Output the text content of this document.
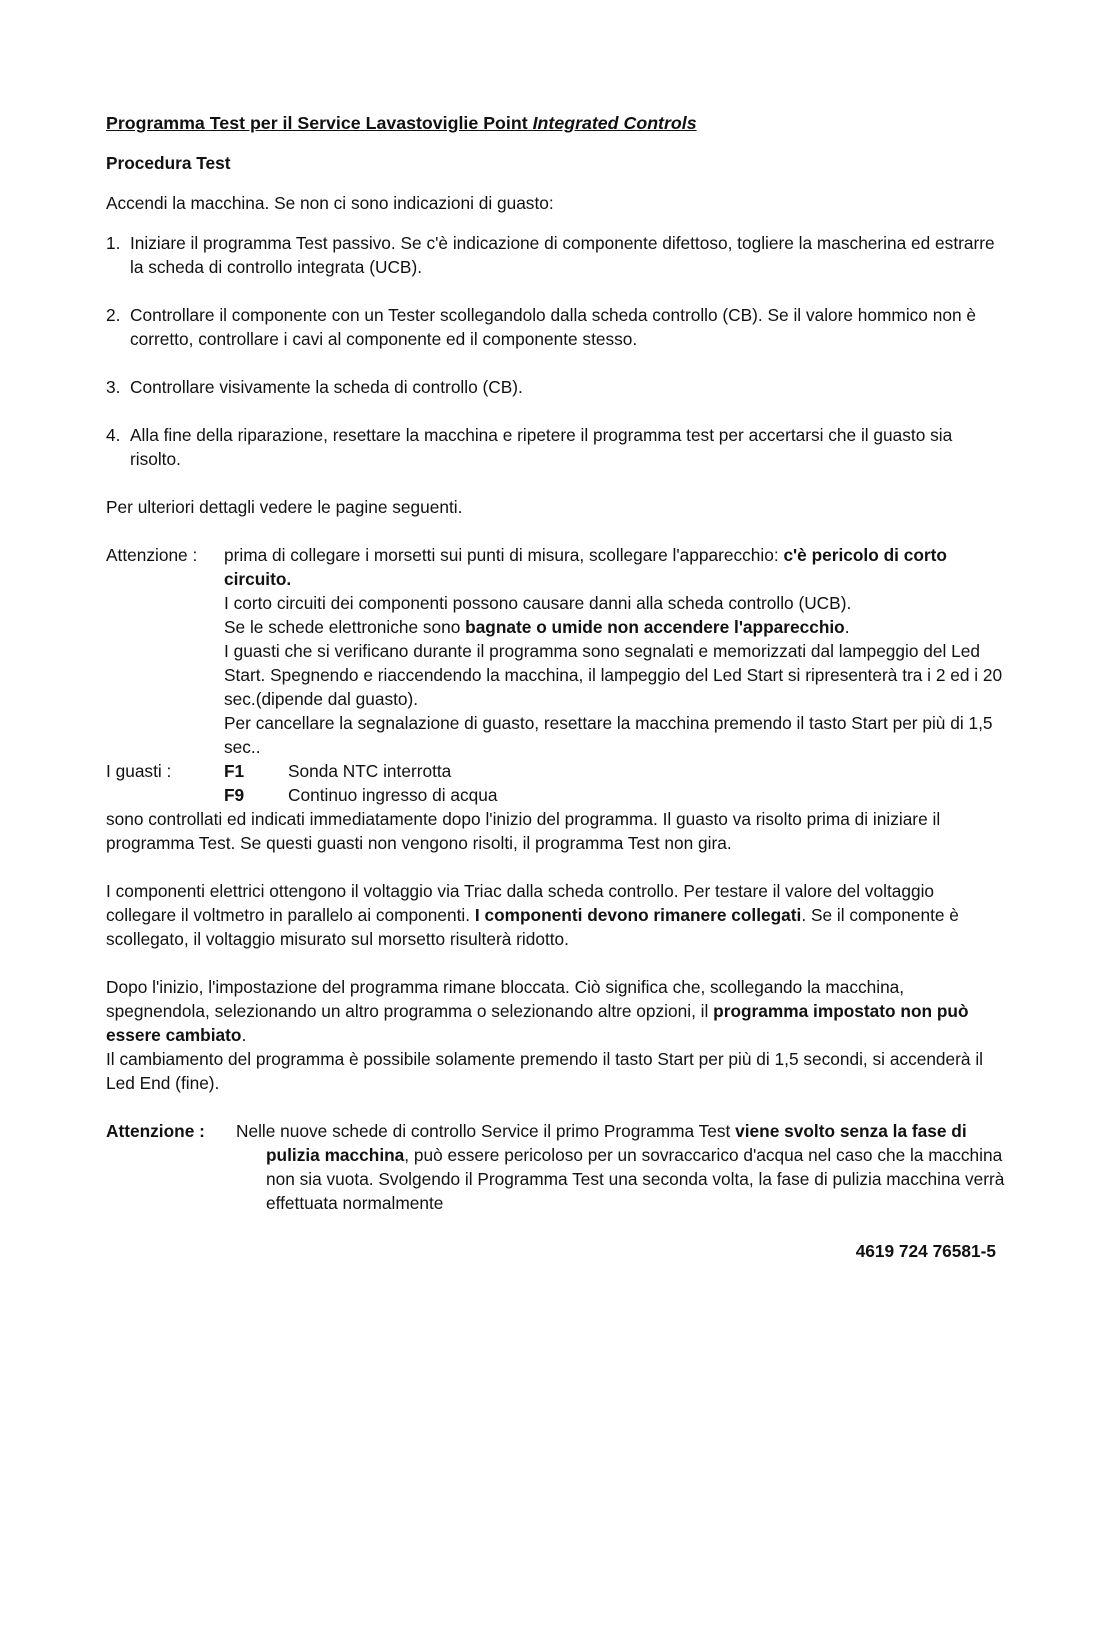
Programma Test per il Service Lavastoviglie Point Integrated Controls

Procedura Test

Accendi la macchina. Se non ci sono indicazioni di guasto:

1. Iniziare il programma Test passivo. Se c'è indicazione di componente difettoso, togliere la mascherina ed estrarre la scheda di controllo integrata (UCB).
2. Controllare il componente con un Tester scollegandolo dalla scheda controllo (CB). Se il valore hommico non è corretto, controllare i cavi al componente ed il componente stesso.
3. Controllare visivamente la scheda di controllo (CB).
4. Alla fine della riparazione, resettare la macchina e ripetere il programma test per accertarsi che il guasto sia risolto.

Per ulteriori dettagli vedere le pagine seguenti.

Attenzione :	prima di collegare i morsetti sui punti di misura, scollegare l'apparecchio: c'è pericolo di corto circuito.

I corto circuiti dei componenti possono causare danni alla scheda controllo (UCB).

Se le schede elettroniche sono bagnate o umide non accendere l'apparecchio.

I guasti che si verificano durante il programma sono segnalati e memorizzati dal lampeggio del Led Start. Spegnendo e riaccendendo la macchina, il lampeggio del Led Start si ripresenterà tra i 2 ed i 20 sec.(dipende dal guasto).

Per cancellare la segnalazione di guasto, resettare la macchina premendo il tasto Start per più di 1,5 sec..

I guasti :	F1	Sonda NTC interrotta
F9	Continuo ingresso di acqua

sono controllati ed indicati immediatamente dopo l'inizio del programma. Il guasto va risolto prima di iniziare il programma Test. Se questi guasti non vengono risolti, il programma Test non gira.

I componenti elettrici ottengono il voltaggio via Triac dalla scheda controllo. Per testare il valore del voltaggio collegare il voltmetro in parallelo ai componenti. I componenti devono rimanere collegati. Se il componente è scollegato, il voltaggio misurato sul morsetto risulterà ridotto.

Dopo l'inizio, l'impostazione del programma rimane bloccata. Ciò significa che, scollegando la macchina, spegnendola, selezionando un altro programma o selezionando altre opzioni, il programma impostato non può essere cambiato.

Il cambiamento del programma è possibile solamente premendo il tasto Start per più di 1,5 secondi, si accenderà il Led End (fine).

Attenzione :	Nelle nuove schede di controllo Service il primo Programma Test viene svolto senza la fase di pulizia macchina, può essere pericoloso per un sovraccarico d'acqua nel caso che la macchina non sia vuota. Svolgendo il Programma Test una seconda volta, la fase di pulizia macchina verrà effettuata normalmente

4619 724 76581-5
